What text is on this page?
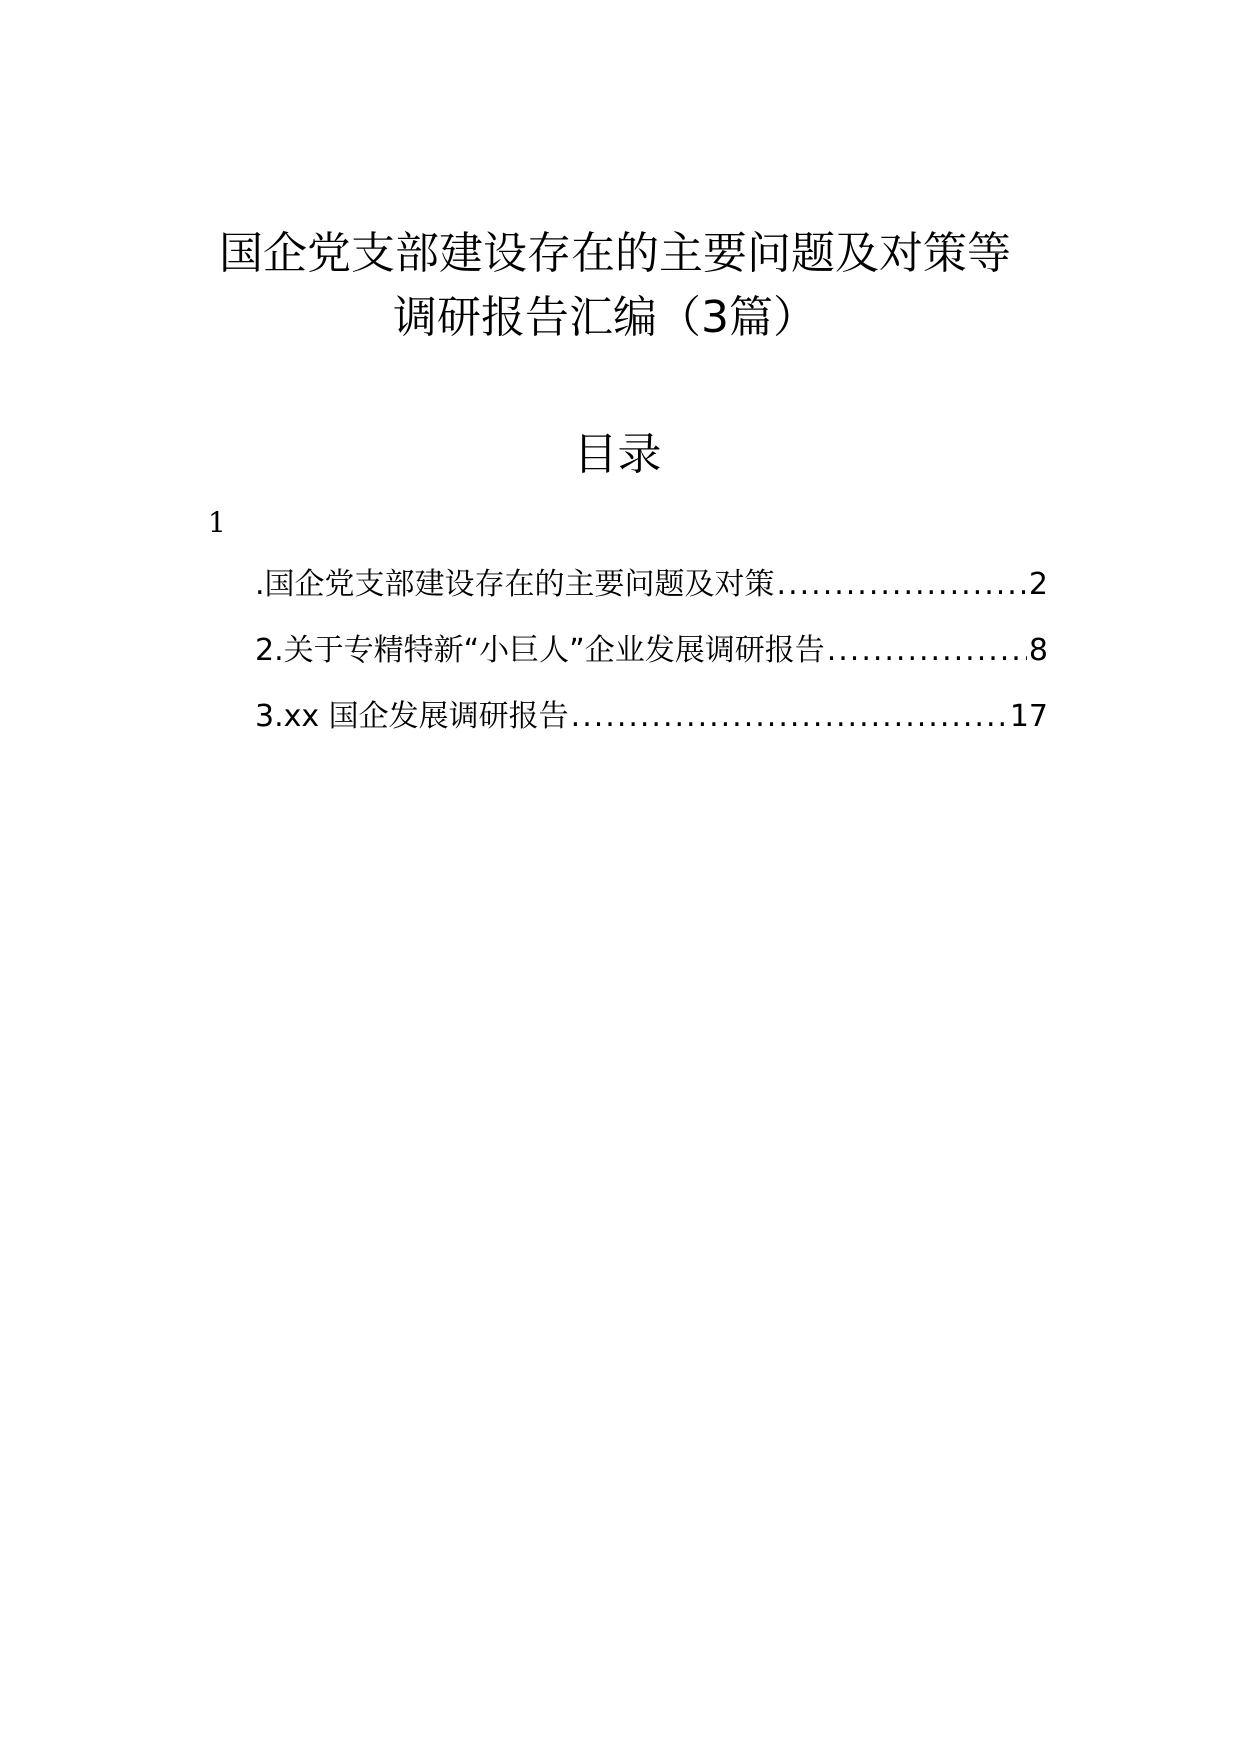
国企党支部建设存在的主要问题及对策等
调研报告汇编（3篇）
目录
1
.国企党支部建设存在的主要问题及对策 .....	2
2.关于专精特新“小巨人”企业发展调研报告 .....	8
3.xx 国企发展调研报告 .....	17
